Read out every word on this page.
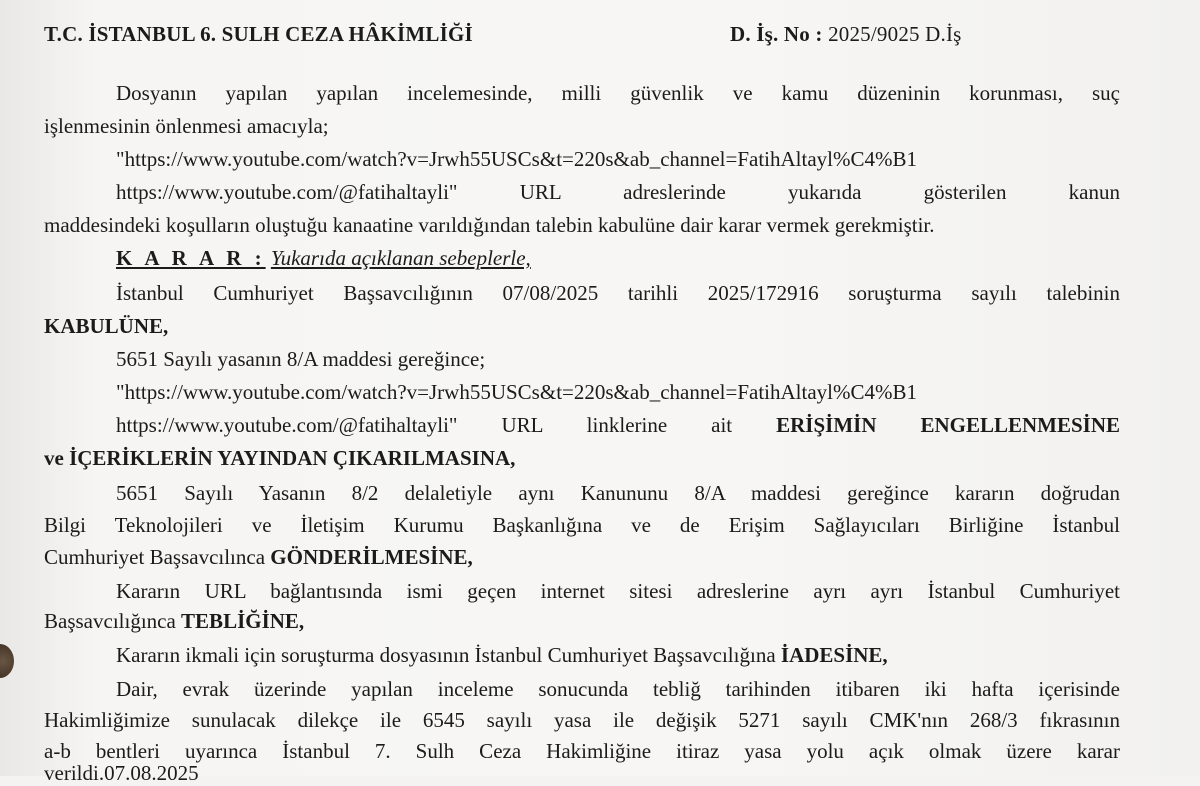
T.C. İSTANBUL 6. SULH CEZA HÂKİMLİĞİ	D. İş. No : 2025/9025 D.İş
Dosyanın yapılan yapılan incelemesinde, milli güvenlik ve kamu düzeninin korunması, suç
işlenmesinin önlenmesi amacıyla;
"https://www.youtube.com/watch?v=Jrwh55USCs&t=220s&ab_channel=FatihAltayl%C4%B1
https://www.youtube.com/@fatihaltayli"	URL adreslerinde yukarıda gösterilen kanun
maddesindeki koşulların oluştuğu kanaatine varıldığından talebin kabulüne dair karar vermek gerekmiştir.
K A R A R : Yukarıda açıklanan sebeplerle,
İstanbul Cumhuriyet Başsavcılığının 07/08/2025 tarihli 2025/172916 soruşturma sayılı talebinin
KABULÜNE,
5651 Sayılı yasanın 8/A maddesi gereğince;
"https://www.youtube.com/watch?v=Jrwh55USCs&t=220s&ab_channel=FatihAltayl%C4%B1
https://www.youtube.com/@fatihaltayli" URL linklerine ait ERİŞİMİN ENGELLENMESİNE
ve İÇERİKLERİN YAYINDAN ÇIKARILMASINA,
5651 Sayılı Yasanın 8/2 delaletiyle aynı Kanununu 8/A maddesi gereğince kararın doğrudan
Bilgi Teknolojileri ve İletişim Kurumu Başkanlığına ve de Erişim Sağlayıcıları Birliğine İstanbul
Cumhuriyet Başsavcılınca GÖNDERİLMESİNE,
Kararın URL bağlantısında ismi geçen internet sitesi adreslerine ayrı ayrı İstanbul Cumhuriyet
Başsavcılığınca TEBLİĞİNE,
Kararın ikmali için soruşturma dosyasının İstanbul Cumhuriyet Başsavcılığına İADESİNE,
Dair, evrak üzerinde yapılan inceleme sonucunda tebliğ tarihinden itibaren iki hafta içerisinde
Hakimliğimize sunulacak dilekçe ile 6545 sayılı yasa ile değişik 5271 sayılı CMK'nın 268/3 fıkrasının
a-b bentleri uyarınca İstanbul 7. Sulh Ceza Hakimliğine itiraz yasa yolu açık olmak üzere karar
verildi.07.08.2025
